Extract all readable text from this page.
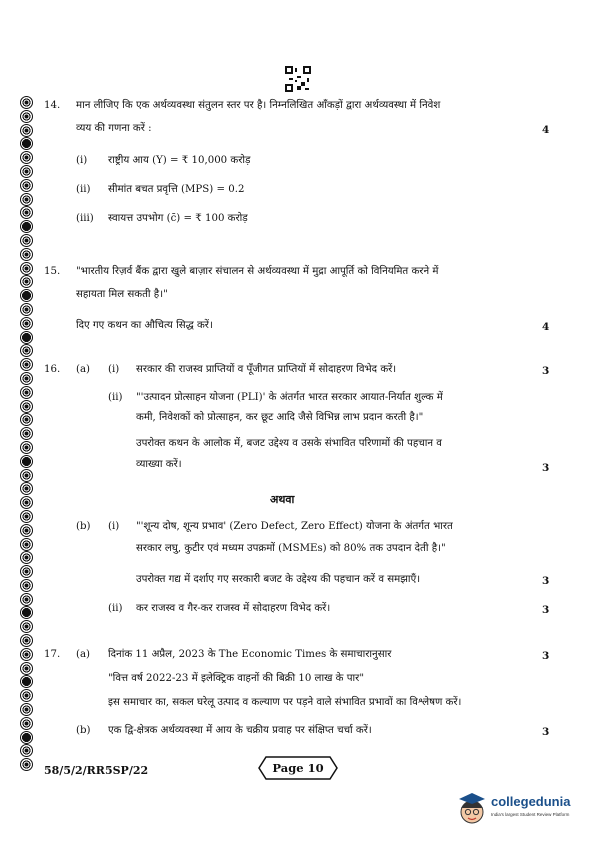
14. मान लीजिए कि एक अर्थव्यवस्था संतुलन स्तर पर है। निम्नलिखित आँकड़ों द्वारा अर्थव्यवस्था में निवेश
व्यय की गणना करें :	4
(i) राष्ट्रीय आय (Y) = ₹ 10,000 करोड़
(ii) सीमांत बचत प्रवृत्ति (MPS) = 0.2
(iii) स्वायत्त उपभोग (c̄) = ₹ 100 करोड़
15. "भारतीय रिज़र्व बैंक द्वारा खुले बाज़ार संचालन से अर्थव्यवस्था में मुद्रा आपूर्ति को विनियमित करने में
सहायता मिल सकती है।"
दिए गए कथन का औचित्य सिद्ध करें।	4
16. (a) (i) सरकार की राजस्व प्राप्तियों व पूँजीगत प्राप्तियों में सोदाहरण विभेद करें।	3
(ii) "'उत्पादन प्रोत्साहन योजना (PLI)' के अंतर्गत भारत सरकार आयात-निर्यात शुल्क में
कमी, निवेशकों को प्रोत्साहन, कर छूट आदि जैसे विभिन्न लाभ प्रदान करती है।"
उपरोक्त कथन के आलोक में, बजट उद्देश्य व उसके संभावित परिणामों की पहचान व
व्याख्या करें।	3
अथवा
(b) (i) "'शून्य दोष, शून्य प्रभाव' (Zero Defect, Zero Effect) योजना के अंतर्गत भारत
सरकार लघु, कुटीर एवं मध्यम उपक्रमों (MSMEs) को 80% तक उपदान देती है।"
उपरोक्त गद्य में दर्शाए गए सरकारी बजट के उद्देश्य की पहचान करें व समझाएँ।	3
(ii) कर राजस्व व गैर-कर राजस्व में सोदाहरण विभेद करें।	3
17. (a) दिनांक 11 अप्रैल, 2023 के The Economic Times के समाचारानुसार	3
"वित्त वर्ष 2022-23 में इलेक्ट्रिक वाहनों की बिक्री 10 लाख के पार"
इस समाचार का, सकल घरेलू उत्पाद व कल्याण पर पड़ने वाले संभावित प्रभावों का विश्लेषण करें।
(b) एक द्वि-क्षेत्रक अर्थव्यवस्था में आय के चक्रीय प्रवाह पर संक्षिप्त चर्चा करें।	3
58/5/2/RR5SP/22	Page 10
collegedunia
India's largest Student Review Platform
